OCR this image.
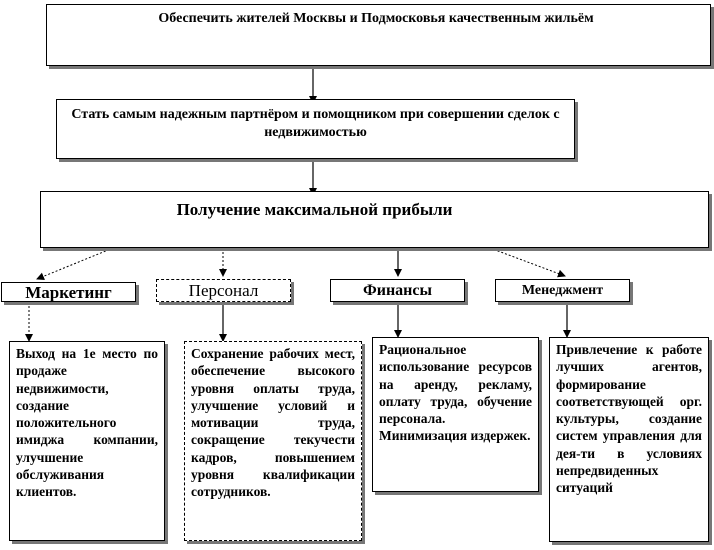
Обеспечить жителей Москвы и Подмосковья качественным жильём
Стать самым надежным партнёром и помощником при совершении сделок с недвижимостью
Получение максимальной прибыли
Маркетинг	Персонал	Финансы	Менеджмент
Выход на 1е место по продаже недвижимости, создание положительного имиджа компании, улучшение обслуживания клиентов.
Сохранение рабочих мест, обеспечение высокого уровня оплаты труда, улучшение условий и мотивации труда, сокращение текучести кадров, повышением уровня квалификации сотрудников.
Рациональное использование ресурсов на аренду, рекламу, оплату труда, обучение персонала. Минимизация издержек.
Привлечение к работе лучших агентов, формирование соответствующей орг. культуры, создание систем управления для дея-ти в условиях непредвиденных ситуаций
